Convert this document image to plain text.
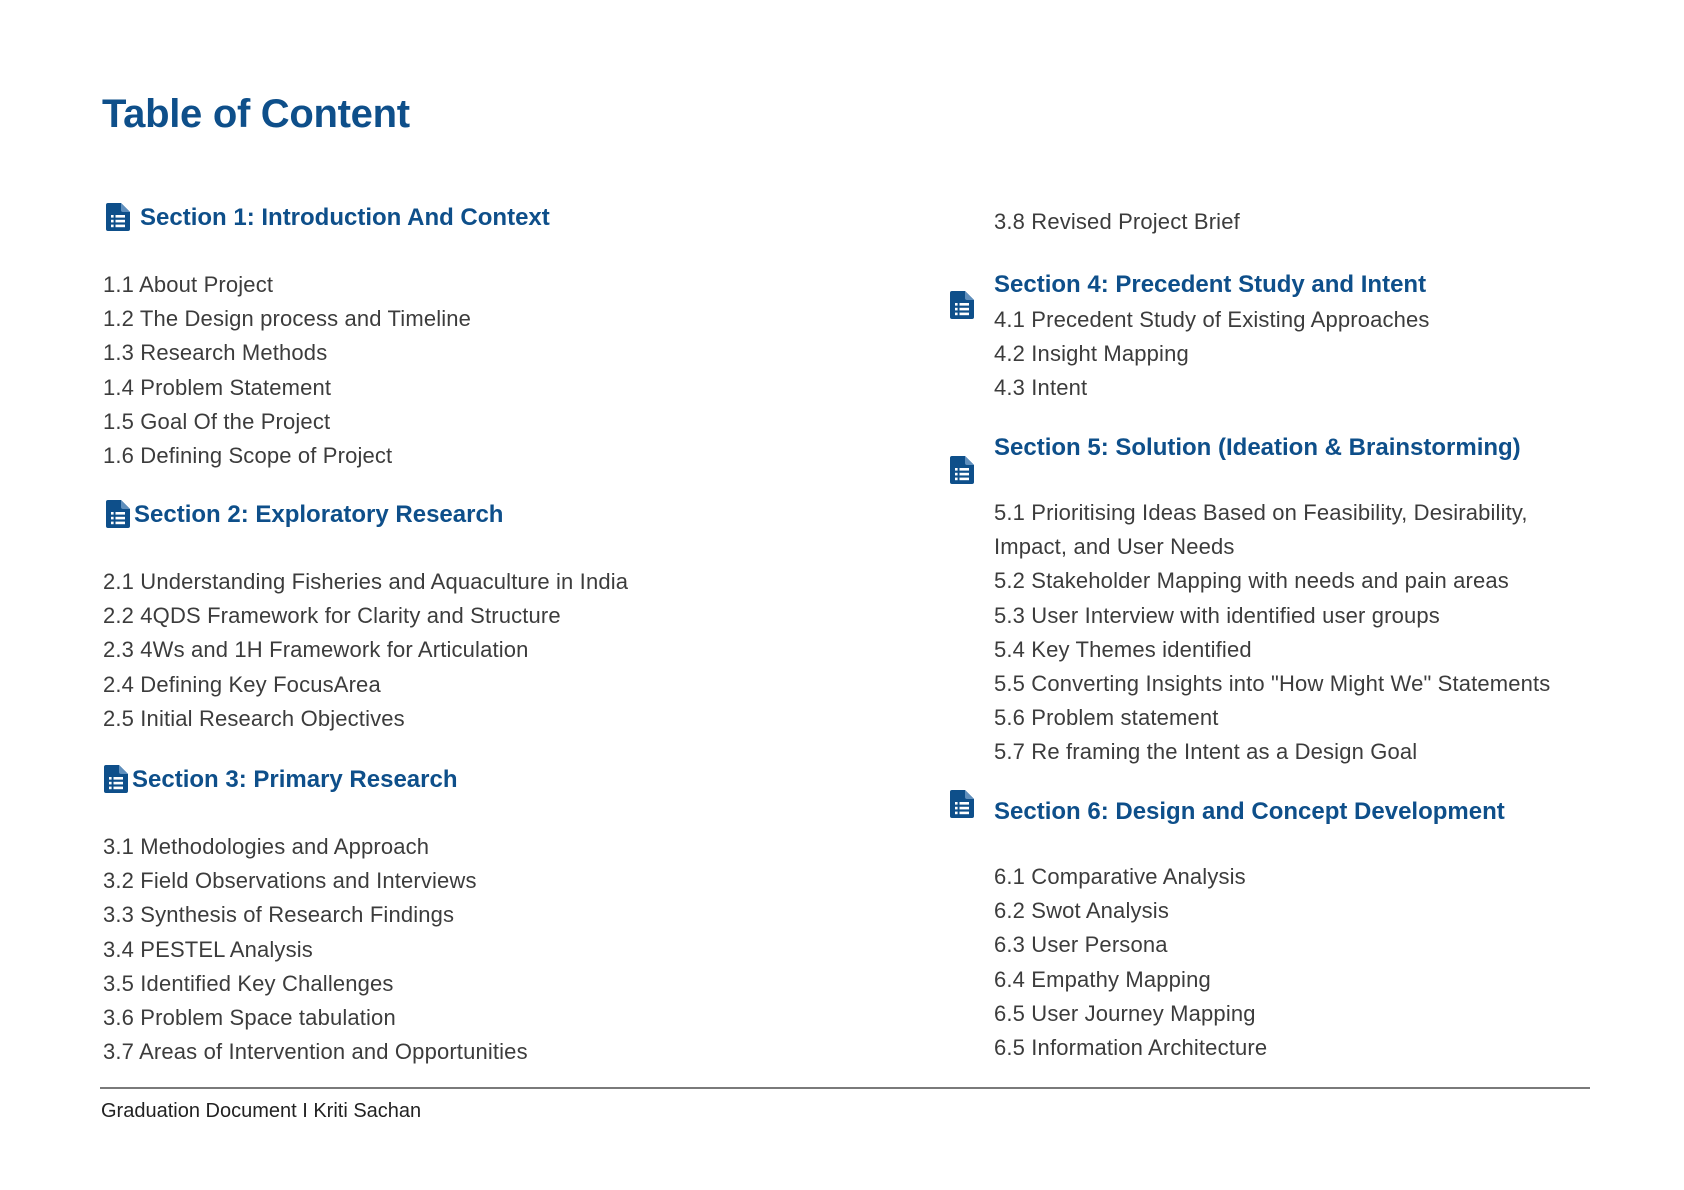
Table of Content
Section 1: Introduction And Context
1.1 About Project
1.2 The Design process and Timeline
1.3 Research Methods
1.4 Problem Statement
1.5 Goal Of the Project
1.6 Defining Scope of Project
Section 2: Exploratory Research
2.1 Understanding Fisheries and Aquaculture in India
2.2 4QDS Framework for Clarity and Structure
2.3 4Ws and 1H Framework for Articulation
2.4 Defining Key FocusArea
2.5 Initial Research Objectives
Section 3: Primary Research
3.1 Methodologies and Approach
3.2 Field Observations and Interviews
3.3 Synthesis of Research Findings
3.4 PESTEL Analysis
3.5 Identified Key Challenges
3.6 Problem Space tabulation
3.7 Areas of Intervention and Opportunities
3.8 Revised Project Brief
Section 4: Precedent Study and Intent
4.1 Precedent Study of Existing Approaches
4.2 Insight Mapping
4.3 Intent
Section 5: Solution (Ideation & Brainstorming)
5.1 Prioritising Ideas Based on Feasibility, Desirability, Impact, and User Needs
5.2 Stakeholder Mapping with needs and pain areas
5.3 User Interview with identified user groups
5.4 Key Themes identified
5.5 Converting Insights into "How Might We" Statements
5.6 Problem statement
5.7 Re framing the Intent as a Design Goal
Section 6: Design and Concept Development
6.1 Comparative Analysis
6.2 Swot Analysis
6.3 User Persona
6.4 Empathy Mapping
6.5 User Journey Mapping
6.5 Information Architecture
Graduation Document I Kriti Sachan
